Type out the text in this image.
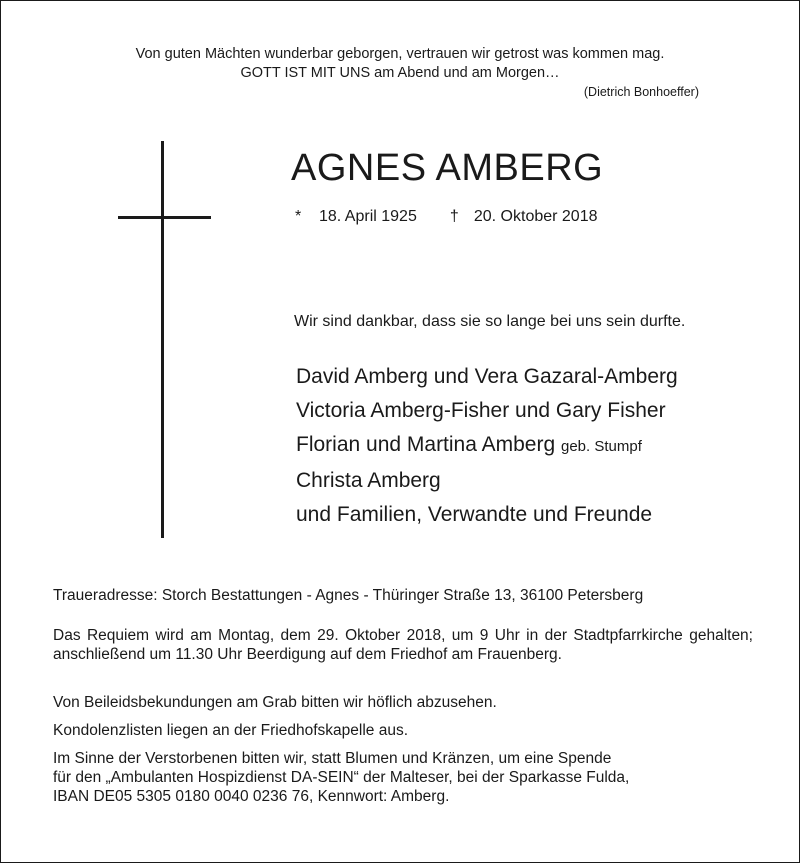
Von guten Mächten wunderbar geborgen, vertrauen wir getrost was kommen mag.
GOTT IST MIT UNS am Abend und am Morgen…
(Dietrich Bonhoeffer)
AGNES AMBERG
* 18. April 1925 † 20. Oktober 2018
Wir sind dankbar, dass sie so lange bei uns sein durfte.
David Amberg und Vera Gazaral-Amberg
Victoria Amberg-Fisher und Gary Fisher
Florian und Martina Amberg geb. Stumpf
Christa Amberg
und Familien, Verwandte und Freunde
Traueradresse: Storch Bestattungen - Agnes - Thüringer Straße 13, 36100 Petersberg
Das Requiem wird am Montag, dem 29. Oktober 2018, um 9 Uhr in der Stadtpfarrkirche gehalten; anschließend um 11.30 Uhr Beerdigung auf dem Friedhof am Frauenberg.
Von Beileidsbekundungen am Grab bitten wir höflich abzusehen.
Kondolenzlisten liegen an der Friedhofskapelle aus.
Im Sinne der Verstorbenen bitten wir, statt Blumen und Kränzen, um eine Spende
für den „Ambulanten Hospizdienst DA-SEIN“ der Malteser, bei der Sparkasse Fulda,
IBAN DE05 5305 0180 0040 0236 76, Kennwort: Amberg.
